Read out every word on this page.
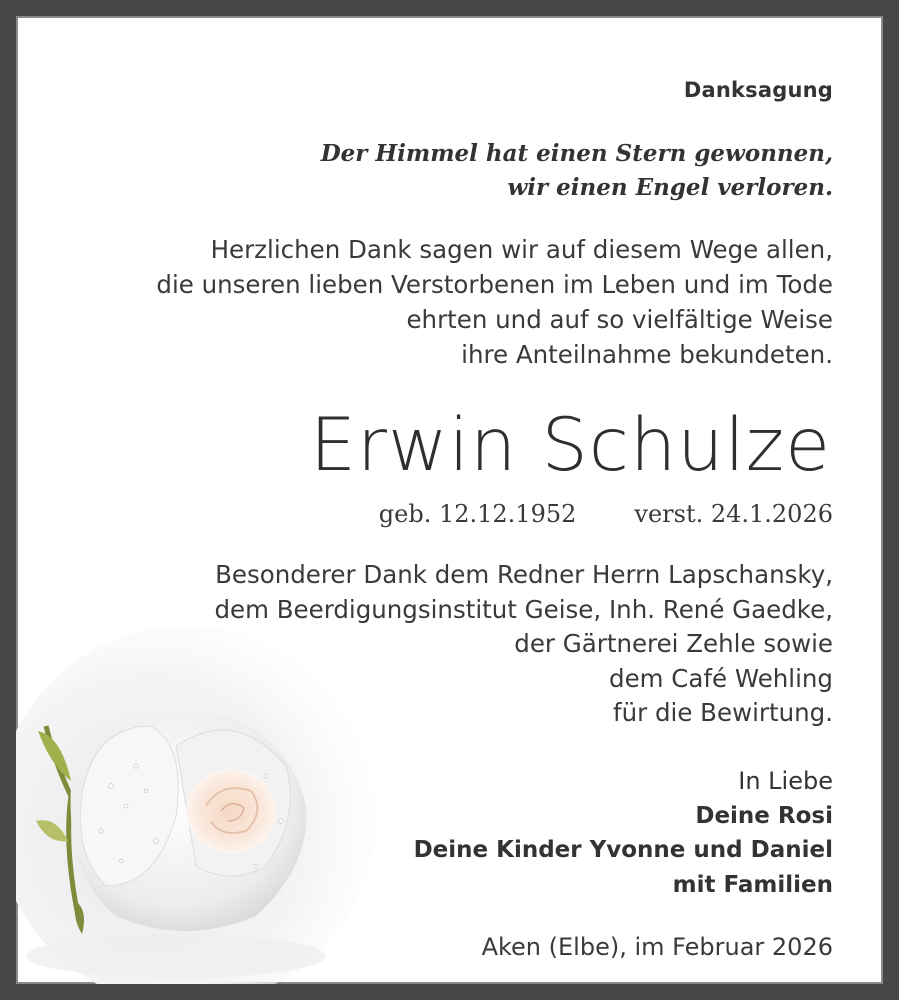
Danksagung
Der Himmel hat einen Stern gewonnen,
wir einen Engel verloren.
Herzlichen Dank sagen wir auf diesem Wege allen,
die unseren lieben Verstorbenen im Leben und im Tode
ehrten und auf so vielfältige Weise
ihre Anteilnahme bekundeten.
Erwin Schulze
geb. 12.12.1952 verst. 24.1.2026
Besonderer Dank dem Redner Herrn Lapschansky,
dem Beerdigungsinstitut Geise, Inh. René Gaedke,
der Gärtnerei Zehle sowie
dem Café Wehling
für die Bewirtung.
In Liebe
Deine Rosi
Deine Kinder Yvonne und Daniel
mit Familien
Aken (Elbe), im Februar 2026
